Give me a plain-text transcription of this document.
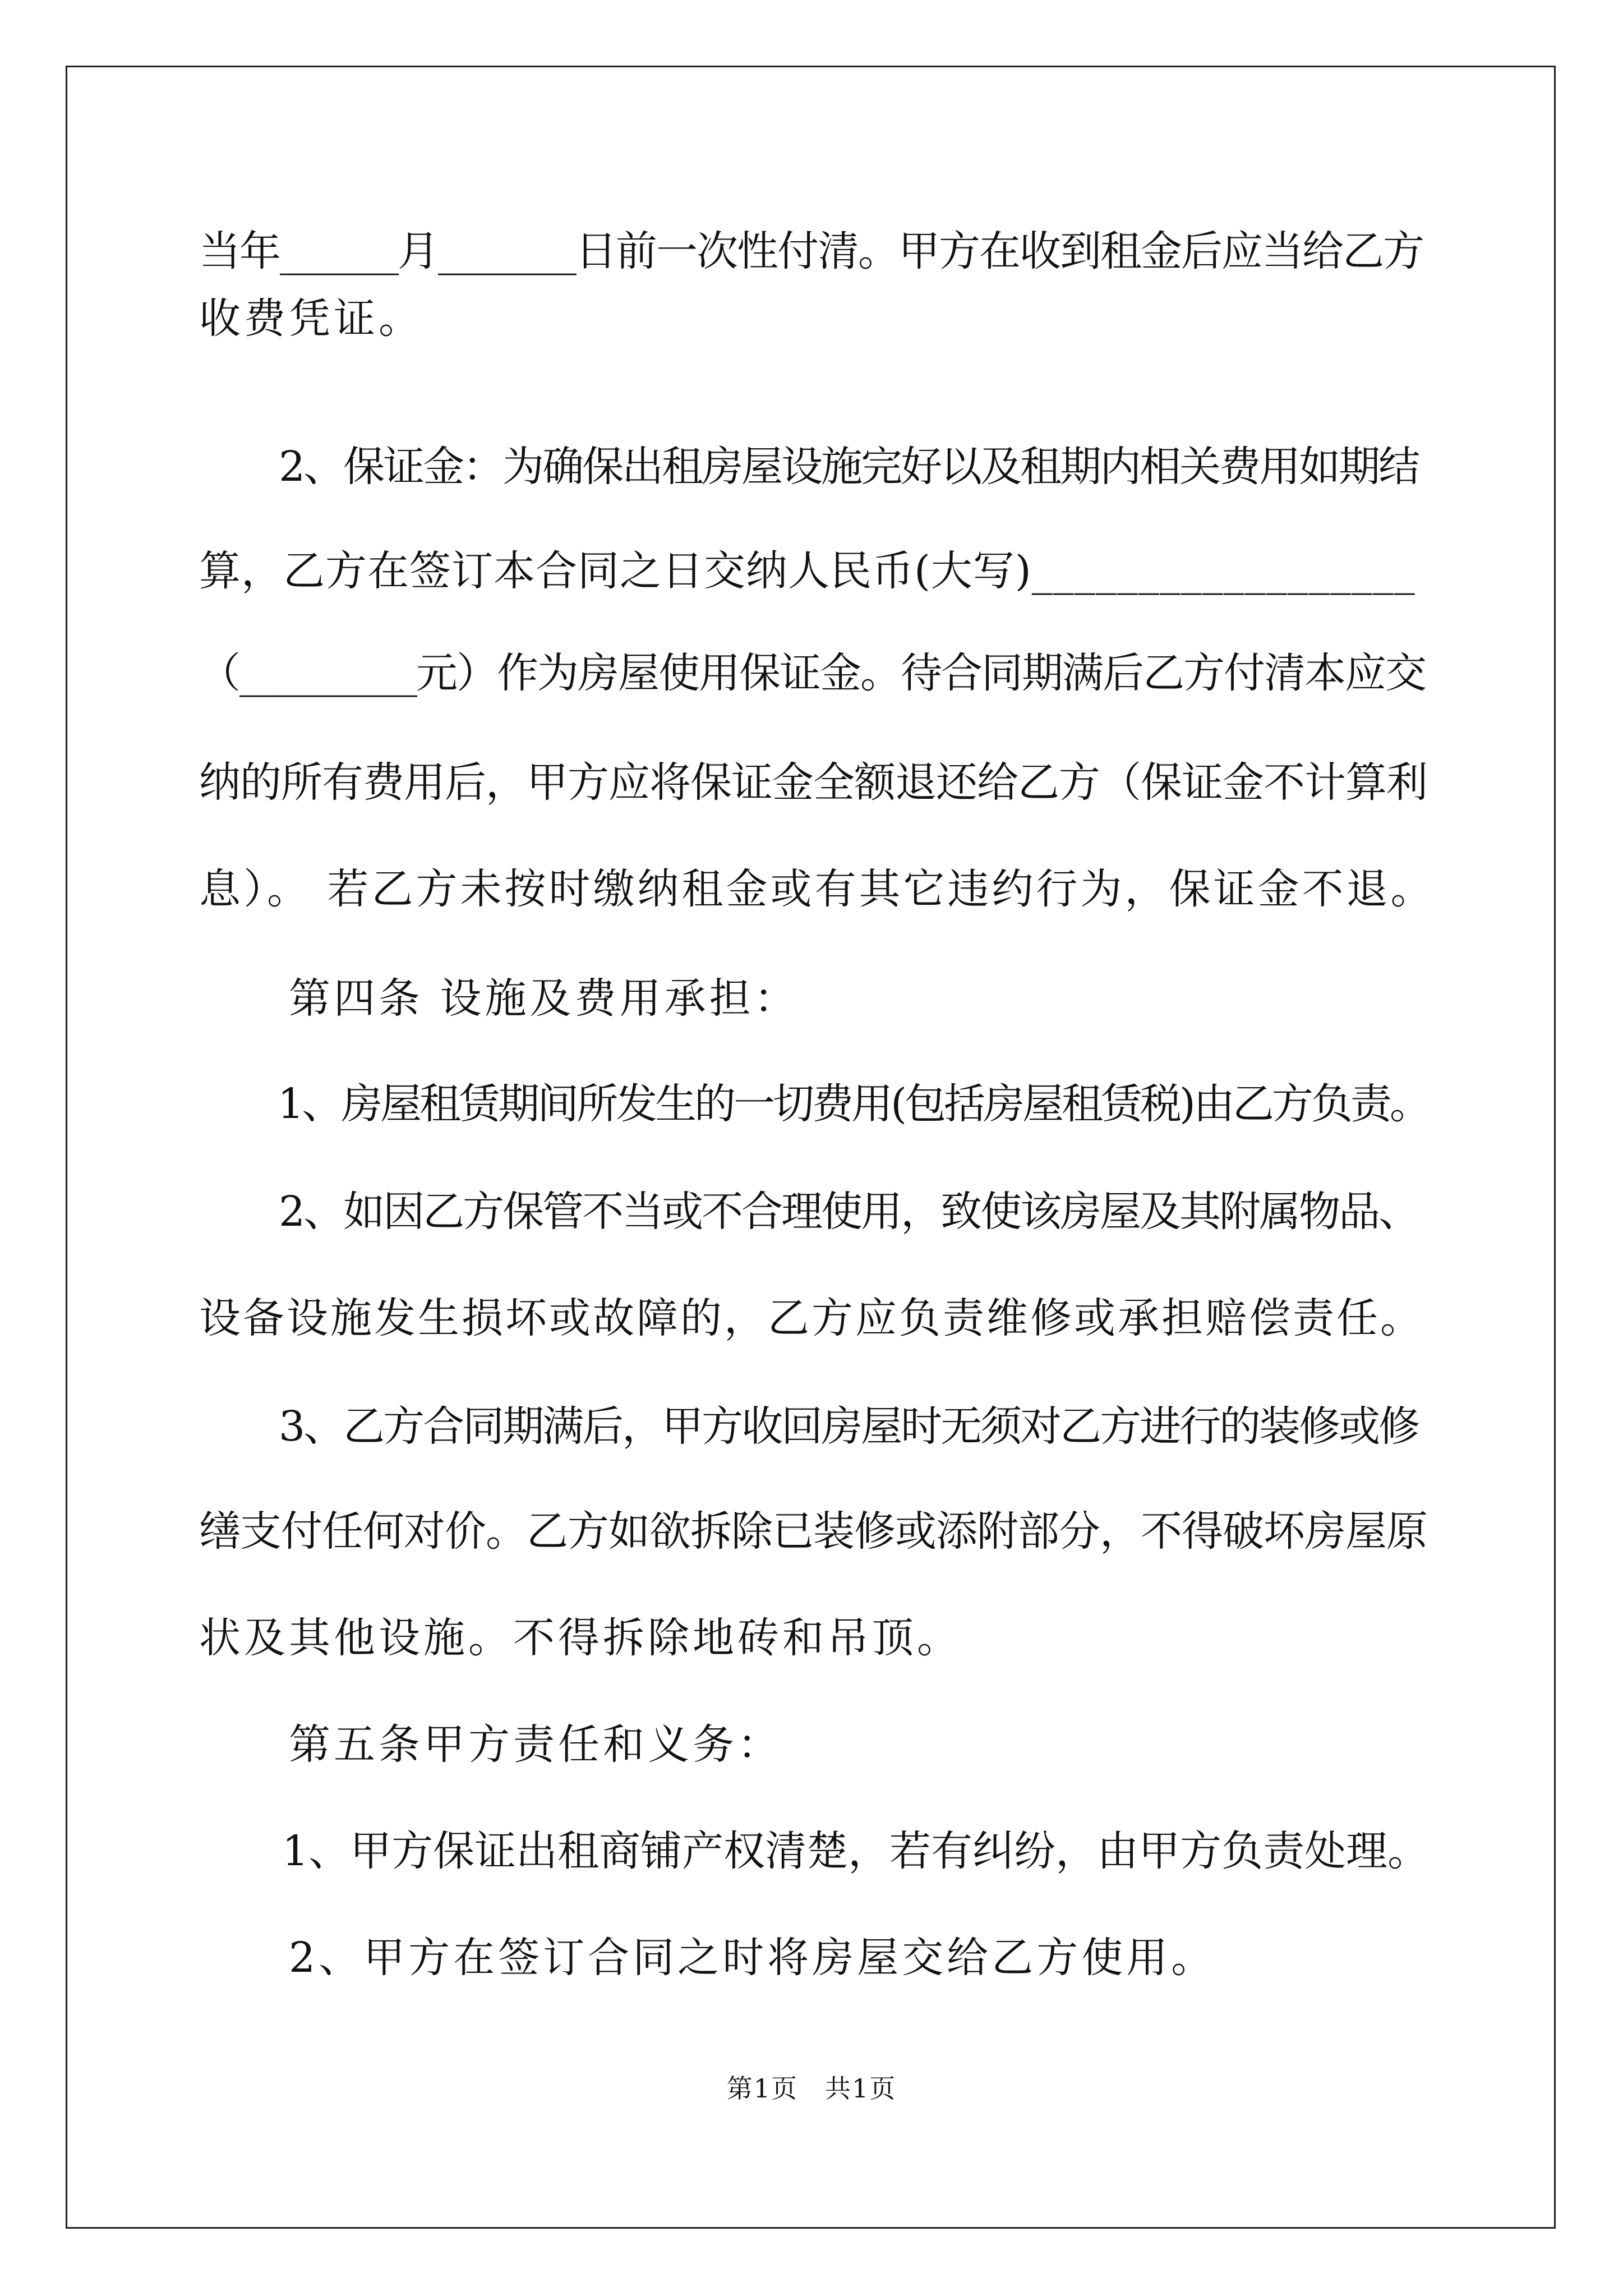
当年______月_______日前一次性付清。甲方在收到租金后应当给乙方
收费凭证。
　　2、保证金：为确保出租房屋设施完好以及租期内相关费用如期结
算，乙方在签订本合同之日交纳人民币(大写)__________________
（_________元）作为房屋使用保证金。待合同期满后乙方付清本应交
纳的所有费用后，甲方应将保证金全额退还给乙方（保证金不计算利
息）。 若乙方未按时缴纳租金或有其它违约行为，保证金不退。
　　第四条 设施及费用承担：
　　1、房屋租赁期间所发生的一切费用(包括房屋租赁税)由乙方负责。
　　2、如因乙方保管不当或不合理使用，致使该房屋及其附属物品、
设备设施发生损坏或故障的，乙方应负责维修或承担赔偿责任。
　　3、乙方合同期满后，甲方收回房屋时无须对乙方进行的装修或修
缮支付任何对价。乙方如欲拆除已装修或添附部分，不得破坏房屋原
状及其他设施。不得拆除地砖和吊顶。
　　第五条甲方责任和义务：
　　1、甲方保证出租商铺产权清楚，若有纠纷，由甲方负责处理。
　　2、甲方在签订合同之时将房屋交给乙方使用。
第1页　共1页
